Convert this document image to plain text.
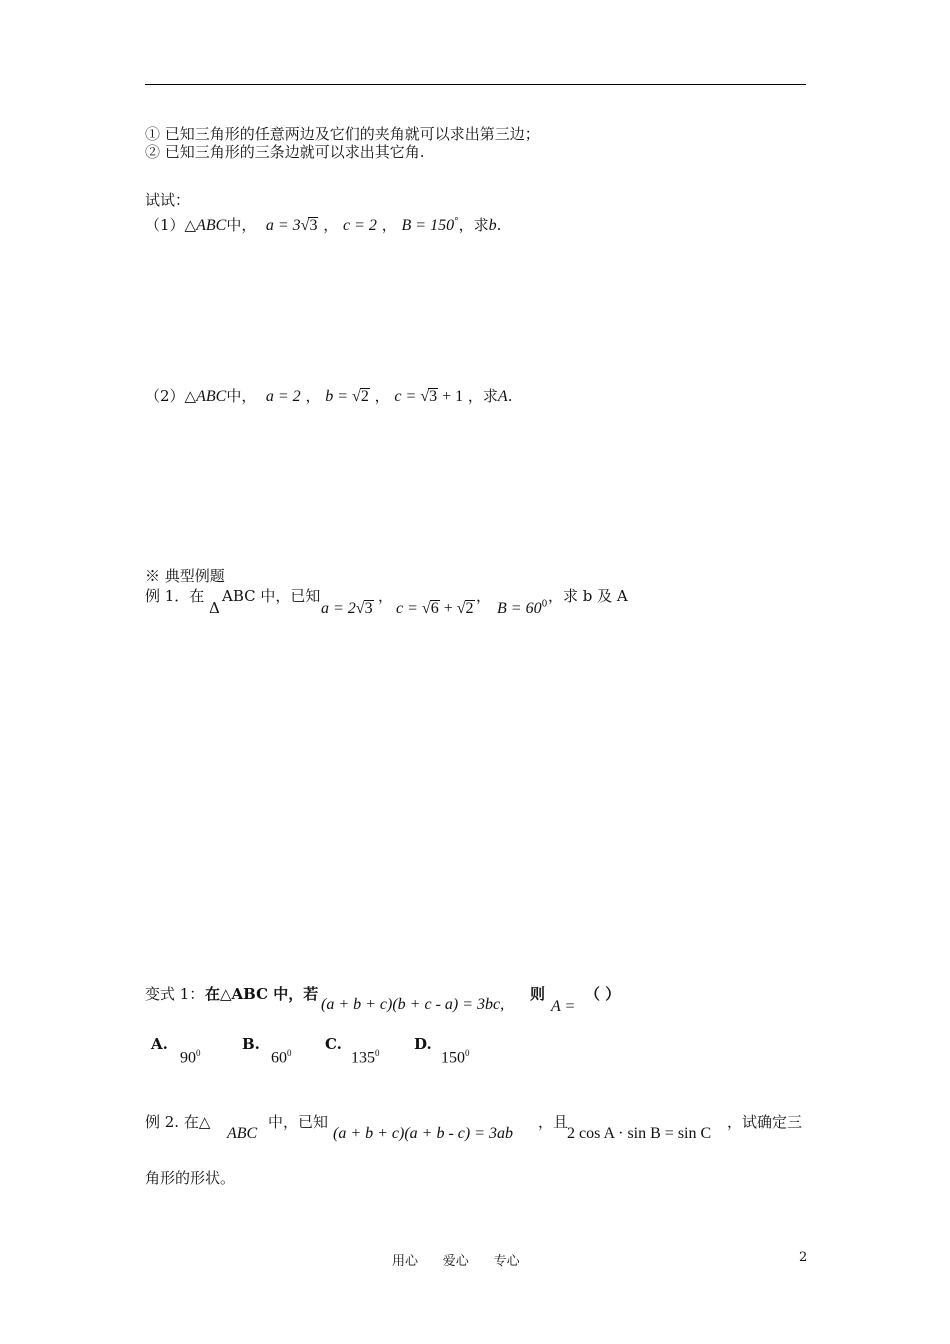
① 已知三角形的任意两边及它们的夹角就可以求出第三边；
② 已知三角形的三条边就可以求出其它角.
试试：
（1）△ABC中， a = 3√3 ， c = 2 ， B = 150°，求b.
（2）△ABC中， a = 2 ， b = √2 ， c = √3 + 1 ，求A.
※ 典型例题
例 1．在
Δ
ABC 中，已知
a = 2√3
，
c = √6 + √2
，
$B = 60^0$ ，求 b 及 A
变式 1： 在△ABC 中，若
(a + b + c)(b + c - a) = 3bc,
则
A =
（ ）
A.
$90^0$	B.
$60^0$ C.
$135^0$ D.
$150^0$
例 2. 在△
ABC
中，已知
(a + b + c)(a + b - c) = 3ab
，且
2 cos A · sin B = sin C
，试确定三
角形的形状。
用心      爱心      专心	2
